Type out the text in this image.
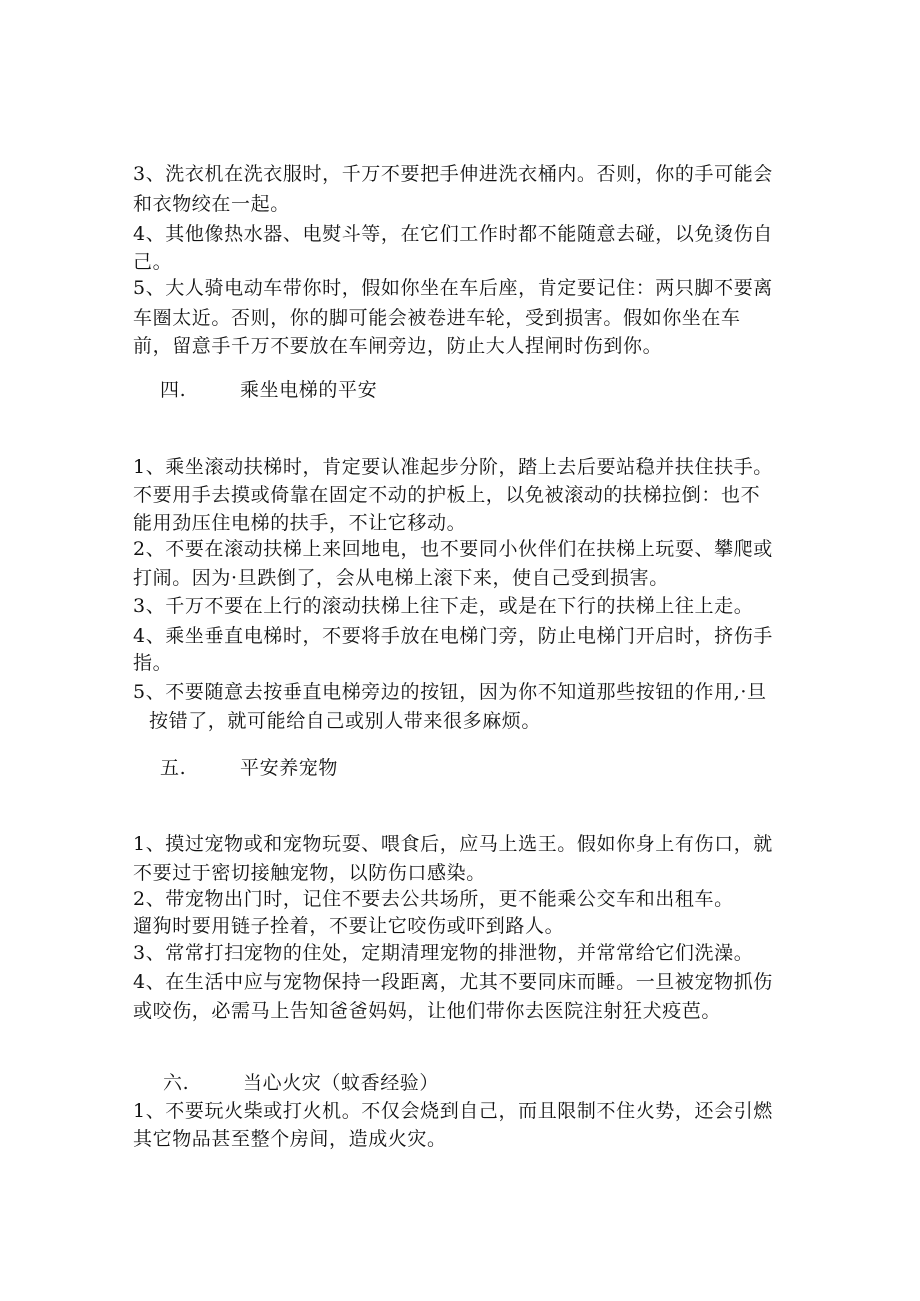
3、洗衣机在洗衣服时，千万不要把手伸进洗衣桶内。否则，你的手可能会
和衣物绞在一起。
4、其他像热水器、电熨斗等，在它们工作时都不能随意去碰，以免烫伤自
己。
5、大人骑电动车带你时，假如你坐在车后座，肯定要记住：两只脚不要离
车圈太近。否则，你的脚可能会被卷进车轮，受到损害。假如你坐在车
前，留意手千万不要放在车闸旁边，防止大人捏闸时伤到你。
四.	乘坐电梯的平安
1、乘坐滚动扶梯时，肯定要认准起步分阶，踏上去后要站稳并扶住扶手。
不要用手去摸或倚靠在固定不动的护板上，以免被滚动的扶梯拉倒：也不
能用劲压住电梯的扶手，不让它移动。
2、不要在滚动扶梯上来回地电，也不要同小伙伴们在扶梯上玩耍、攀爬或
打闹。因为·旦跌倒了，会从电梯上滚下来，使自己受到损害。
3、千万不要在上行的滚动扶梯上往下走，或是在下行的扶梯上往上走。
4、乘坐垂直电梯时，不要将手放在电梯门旁，防止电梯门开启时，挤伤手
指。
5、不要随意去按垂直电梯旁边的按钮，因为你不知道那些按钮的作用,·旦
按错了，就可能给自己或别人带来很多麻烦。
五.	平安养宠物
1、摸过宠物或和宠物玩耍、喂食后，应马上选王。假如你身上有伤口，就
不要过于密切接触宠物，以防伤口感染。
2、带宠物出门时，记住不要去公共场所，更不能乘公交车和出租车。
遛狗时要用链子拴着，不要让它咬伤或吓到路人。
3、常常打扫宠物的住处，定期清理宠物的排泄物，并常常给它们洗澡。
4、在生活中应与宠物保持一段距离，尤其不要同床而睡。一旦被宠物抓伤
或咬伤，必需马上告知爸爸妈妈，让他们带你去医院注射狂犬疫芭。
六.	当心火灾（蚊香经验）
1、不要玩火柴或打火机。不仅会烧到自己，而且限制不住火势，还会引燃
其它物品甚至整个房间，造成火灾。
